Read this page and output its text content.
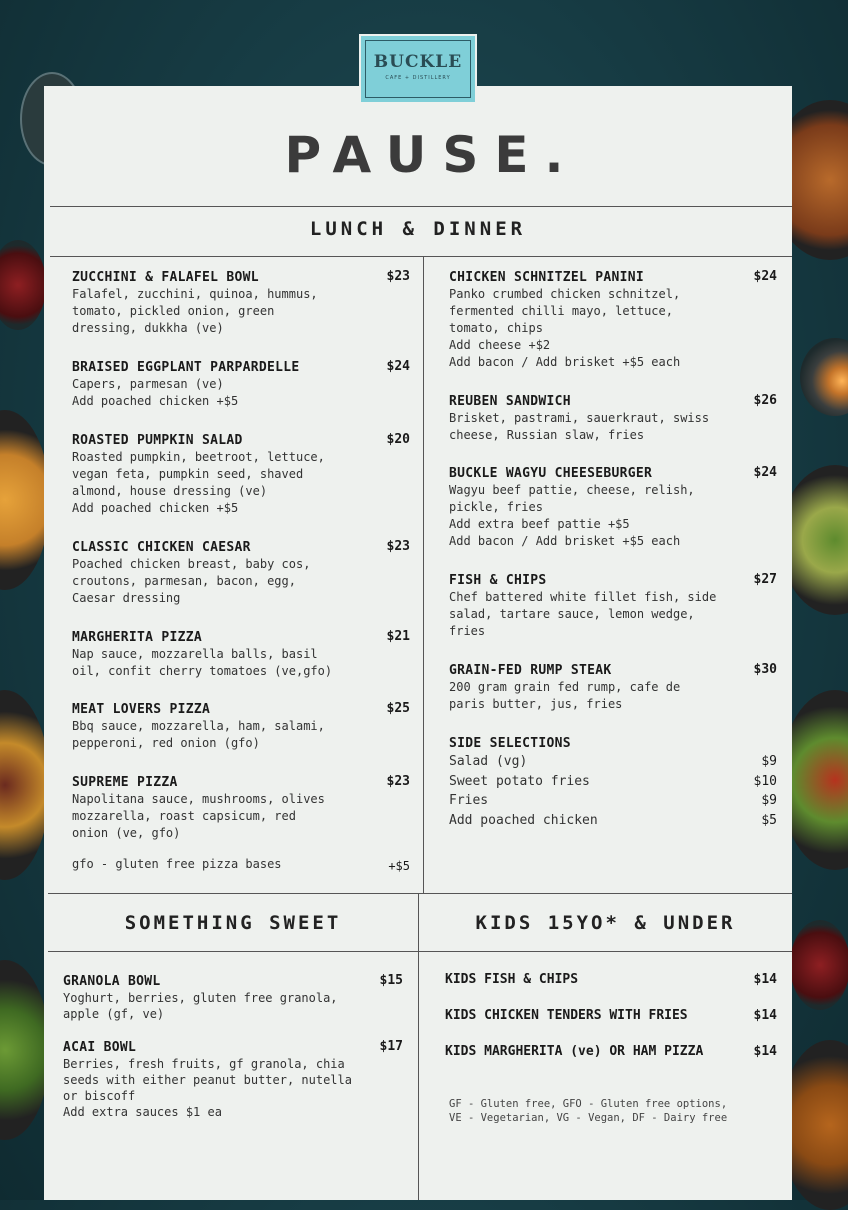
BUCKLE
CAFE + DISTILLERY
PAUSE.
LUNCH & DINNER
ZUCCHINI & FALAFEL BOWL	$23
Falafel, zucchini, quinoa, hummus,
tomato, pickled onion, green
dressing, dukkha (ve)
BRAISED EGGPLANT PARPARDELLE	$24
Capers, parmesan (ve)
Add poached chicken +$5
ROASTED PUMPKIN SALAD	$20
Roasted pumpkin, beetroot, lettuce,
vegan feta, pumpkin seed, shaved
almond, house dressing (ve)
Add poached chicken +$5
CLASSIC CHICKEN CAESAR	$23
Poached chicken breast, baby cos,
croutons, parmesan, bacon, egg,
Caesar dressing
MARGHERITA PIZZA	$21
Nap sauce, mozzarella balls, basil
oil, confit cherry tomatoes (ve,gfo)
MEAT LOVERS PIZZA	$25
Bbq sauce, mozzarella, ham, salami,
pepperoni, red onion (gfo)
SUPREME PIZZA	$23
Napolitana sauce, mushrooms, olives
mozzarella, roast capsicum, red
onion (ve, gfo)
gfo - gluten free pizza bases	+$5
CHICKEN SCHNITZEL PANINI	$24
Panko crumbed chicken schnitzel,
fermented chilli mayo, lettuce,
tomato, chips
Add cheese +$2
Add bacon / Add brisket +$5 each
REUBEN SANDWICH	$26
Brisket, pastrami, sauerkraut, swiss
cheese, Russian slaw, fries
BUCKLE WAGYU CHEESEBURGER	$24
Wagyu beef pattie, cheese, relish,
pickle, fries
Add extra beef pattie +$5
Add bacon / Add brisket +$5 each
FISH & CHIPS	$27
Chef battered white fillet fish, side
salad, tartare sauce, lemon wedge,
fries
GRAIN-FED RUMP STEAK	$30
200 gram grain fed rump, cafe de
paris butter, jus, fries
SIDE SELECTIONS
Salad (vg)	$9
Sweet potato fries	$10
Fries	$9
Add poached chicken	$5
SOMETHING SWEET	KIDS 15YO* & UNDER
GRANOLA BOWL	$15
Yoghurt, berries, gluten free granola,
apple (gf, ve)
ACAI BOWL	$17
Berries, fresh fruits, gf granola, chia
seeds with either peanut butter, nutella
or biscoff
Add extra sauces $1 ea
KIDS FISH & CHIPS	$14
KIDS CHICKEN TENDERS WITH FRIES	$14
KIDS MARGHERITA (ve) OR HAM PIZZA	$14
GF - Gluten free, GFO - Gluten free options,
VE - Vegetarian, VG - Vegan, DF - Dairy free
